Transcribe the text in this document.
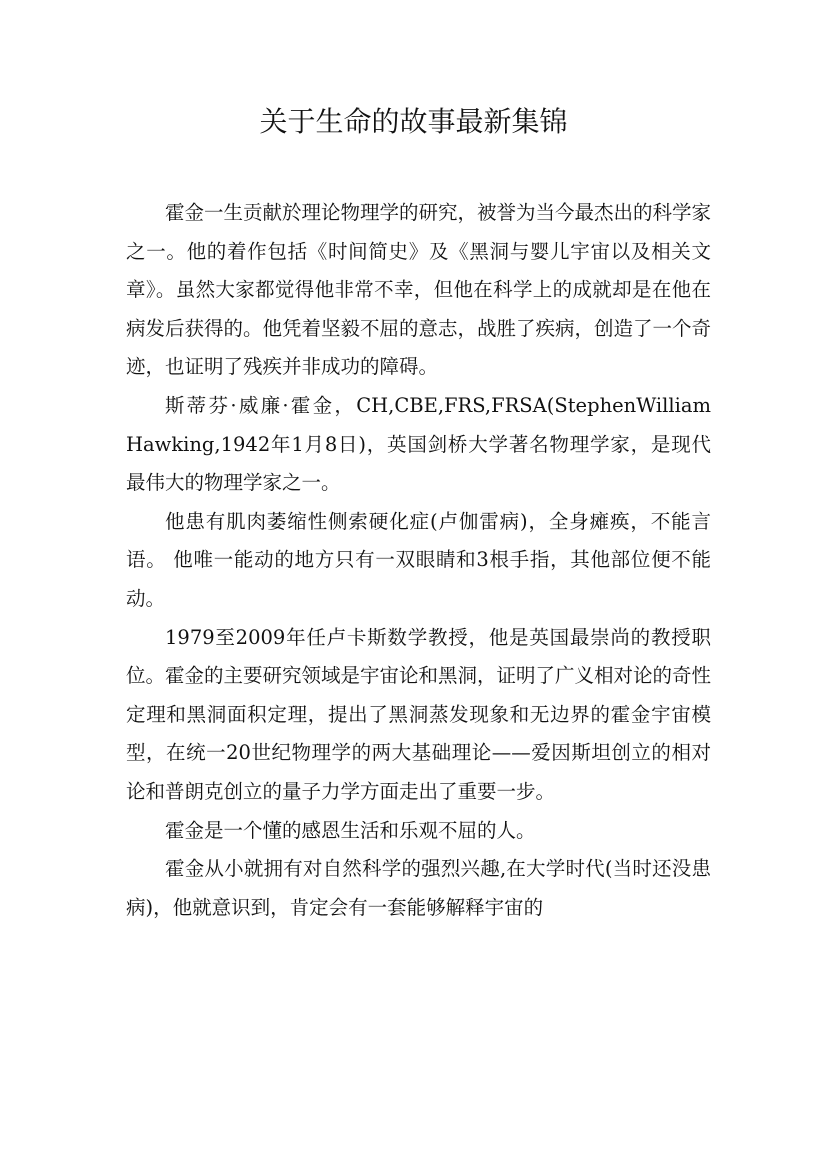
关于生命的故事最新集锦

霍金一生贡献於理论物理学的研究，被誉为当今最杰出的科学家之一。他的着作包括《时间简史》及《黑洞与婴儿宇宙以及相关文章》。虽然大家都觉得他非常不幸，但他在科学上的成就却是在他在病发后获得的。他凭着坚毅不屈的意志，战胜了疾病，创造了一个奇迹，也证明了残疾并非成功的障碍。

斯蒂芬·威廉·霍金，CH,CBE,FRS,FRSA(StephenWilliam Hawking,1942年1月8日)，英国剑桥大学著名物理学家，是现代最伟大的物理学家之一。

他患有肌肉萎缩性侧索硬化症(卢伽雷病)，全身瘫痪，不能言语。 他唯一能动的地方只有一双眼睛和3根手指，其他部位便不能动。

1979至2009年任卢卡斯数学教授，他是英国最崇尚的教授职位。霍金的主要研究领域是宇宙论和黑洞，证明了广义相对论的奇性定理和黑洞面积定理，提出了黑洞蒸发现象和无边界的霍金宇宙模型，在统一20世纪物理学的两大基础理论——爱因斯坦创立的相对论和普朗克创立的量子力学方面走出了重要一步。

霍金是一个懂的感恩生活和乐观不屈的人。

霍金从小就拥有对自然科学的强烈兴趣,在大学时代(当时还没患病)，他就意识到，肯定会有一套能够解释宇宙的
